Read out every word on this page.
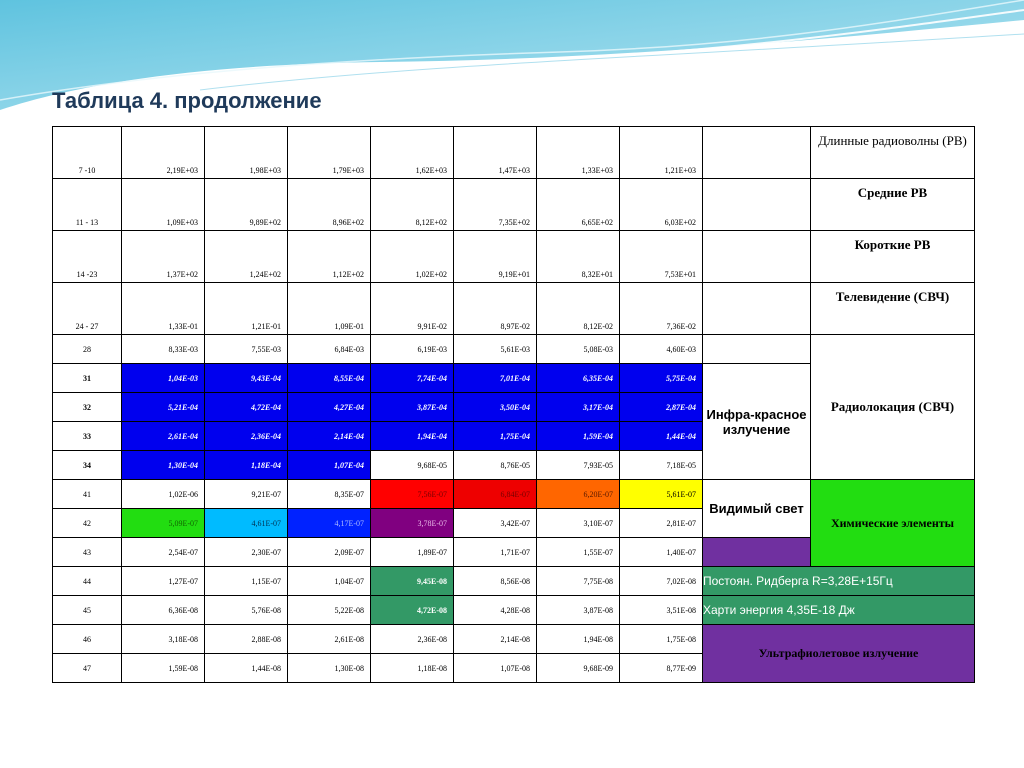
Таблица 4. продолжение
7 -10	2,19E+03	1,98E+03	1,79E+03	1,62E+03	1,47E+03	1,33E+03	1,21E+03		Длинные радиоволны (РВ)
11 - 13	1,09E+03	9,89E+02	8,96E+02	8,12E+02	7,35E+02	6,65E+02	6,03E+02		Средние РВ
14 -23	1,37E+02	1,24E+02	1,12E+02	1,02E+02	9,19E+01	8,32E+01	7,53E+01		Короткие РВ
24 - 27	1,33E-01	1,21E-01	1,09E-01	9,91E-02	8,97E-02	8,12E-02	7,36E-02		Телевидение (СВЧ)
28	8,33E-03	7,55E-03	6,84E-03	6,19E-03	5,61E-03	5,08E-03	4,60E-03		Радиолокация (СВЧ)
31	1,04E-03	9,43E-04	8,55E-04	7,74E-04	7,01E-04	6,35E-04	5,75E-04	Инфра-красное излучение	
32	5,21E-04	4,72E-04	4,27E-04	3,87E-04	3,50E-04	3,17E-04	2,87E-04		
33	2,61E-04	2,36E-04	2,14E-04	1,94E-04	1,75E-04	1,59E-04	1,44E-04		
34	1,30E-04	1,18E-04	1,07E-04	9,68E-05	8,76E-05	7,93E-05	7,18E-05		
41	1,02E-06	9,21E-07	8,35E-07	7,56E-07	6,84E-07	6,20E-07	5,61E-07	Видимый свет	Химические элементы
42	5,09E-07	4,61E-07	4,17E-07	3,78E-07	3,42E-07	3,10E-07	2,81E-07		
43	2,54E-07	2,30E-07	2,09E-07	1,89E-07	1,71E-07	1,55E-07	1,40E-07		
44	1,27E-07	1,15E-07	1,04E-07	9,45E-08	8,56E-08	7,75E-08	7,02E-08	Постоян. Ридберга R=3,28E+15Гц	
45	6,36E-08	5,76E-08	5,22E-08	4,72E-08	4,28E-08	3,87E-08	3,51E-08	Харти энергия 4,35E-18 Дж	
46	3,18E-08	2,88E-08	2,61E-08	2,36E-08	2,14E-08	1,94E-08	1,75E-08	Ультрафиолетовое излучение	
47	1,59E-08	1,44E-08	1,30E-08	1,18E-08	1,07E-08	9,68E-09	8,77E-09		
